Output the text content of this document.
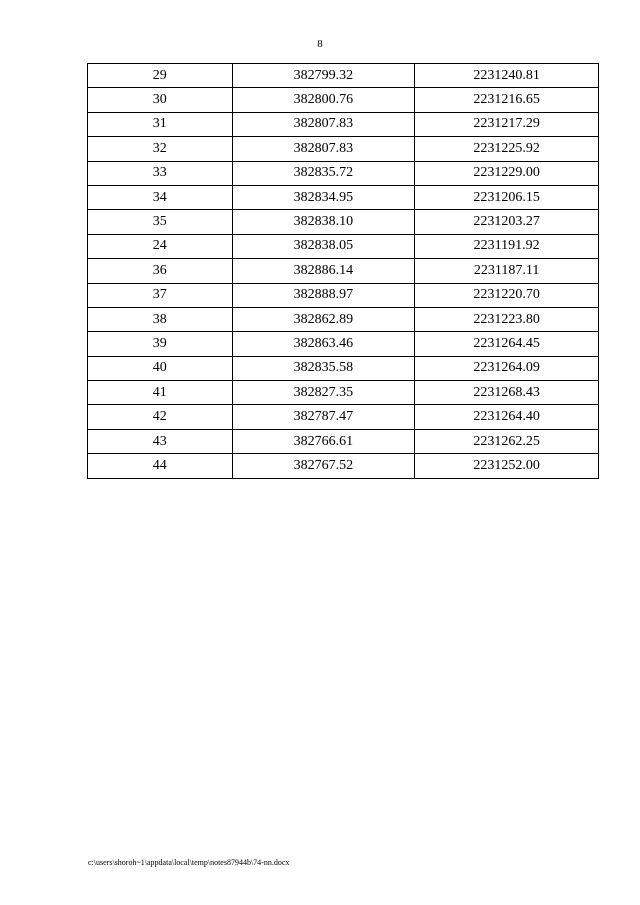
8
29	382799.32	2231240.81
30	382800.76	2231216.65
31	382807.83	2231217.29
32	382807.83	2231225.92
33	382835.72	2231229.00
34	382834.95	2231206.15
35	382838.10	2231203.27
24	382838.05	2231191.92
36	382886.14	2231187.11
37	382888.97	2231220.70
38	382862.89	2231223.80
39	382863.46	2231264.45
40	382835.58	2231264.09
41	382827.35	2231268.43
42	382787.47	2231264.40
43	382766.61	2231262.25
44	382767.52	2231252.00
c:\users\shoroh~1\appdata\local\temp\notes87944b\74-nn.docx
